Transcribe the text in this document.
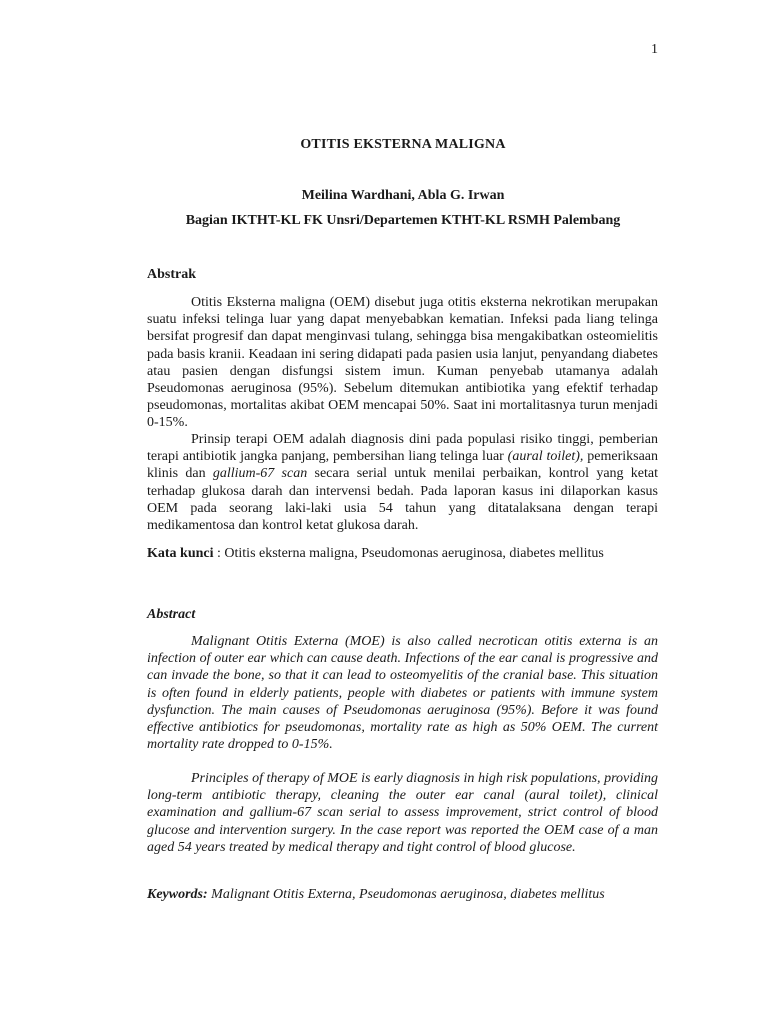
1
OTITIS EKSTERNA MALIGNA
Meilina Wardhani, Abla G. Irwan
Bagian IKTHT-KL FK Unsri/Departemen KTHT-KL RSMH Palembang
Abstrak

Otitis Eksterna maligna (OEM) disebut juga otitis eksterna nekrotikan merupakan suatu infeksi telinga luar yang dapat menyebabkan kematian. Infeksi pada liang telinga bersifat progresif dan dapat menginvasi tulang, sehingga bisa mengakibatkan osteomielitis pada basis kranii. Keadaan ini sering didapati pada pasien usia lanjut, penyandang diabetes atau pasien dengan disfungsi sistem imun. Kuman penyebab utamanya adalah Pseudomonas aeruginosa (95%). Sebelum ditemukan antibiotika yang efektif terhadap pseudomonas, mortalitas akibat OEM mencapai 50%. Saat ini mortalitasnya turun menjadi 0-15%.

Prinsip terapi OEM adalah diagnosis dini pada populasi risiko tinggi, pemberian terapi antibiotik jangka panjang, pembersihan liang telinga luar (aural toilet), pemeriksaan klinis dan gallium-67 scan secara serial untuk menilai perbaikan, kontrol yang ketat terhadap glukosa darah dan intervensi bedah. Pada laporan kasus ini dilaporkan kasus OEM pada seorang laki-laki usia 54 tahun yang ditatalaksana dengan terapi medikamentosa dan kontrol ketat glukosa darah.

Kata kunci : Otitis eksterna maligna, Pseudomonas aeruginosa, diabetes mellitus
Abstract

Malignant Otitis Externa (MOE) is also called necrotican otitis externa is an infection of outer ear which can cause death. Infections of the ear canal is progressive and can invade the bone, so that it can lead to osteomyelitis of the cranial base. This situation is often found in elderly patients, people with diabetes or patients with immune system dysfunction. The main causes of Pseudomonas aeruginosa (95%). Before it was found effective antibiotics for pseudomonas, mortality rate as high as 50% OEM. The current mortality rate dropped to 0-15%.

Principles of therapy of MOE is early diagnosis in high risk populations, providing long-term antibiotic therapy, cleaning the outer ear canal (aural toilet), clinical examination and gallium-67 scan serial to assess improvement, strict control of blood glucose and intervention surgery. In the case report was reported the OEM case of a man aged 54 years treated by medical therapy and tight control of blood glucose.

Keywords: Malignant Otitis Externa, Pseudomonas aeruginosa, diabetes mellitus
